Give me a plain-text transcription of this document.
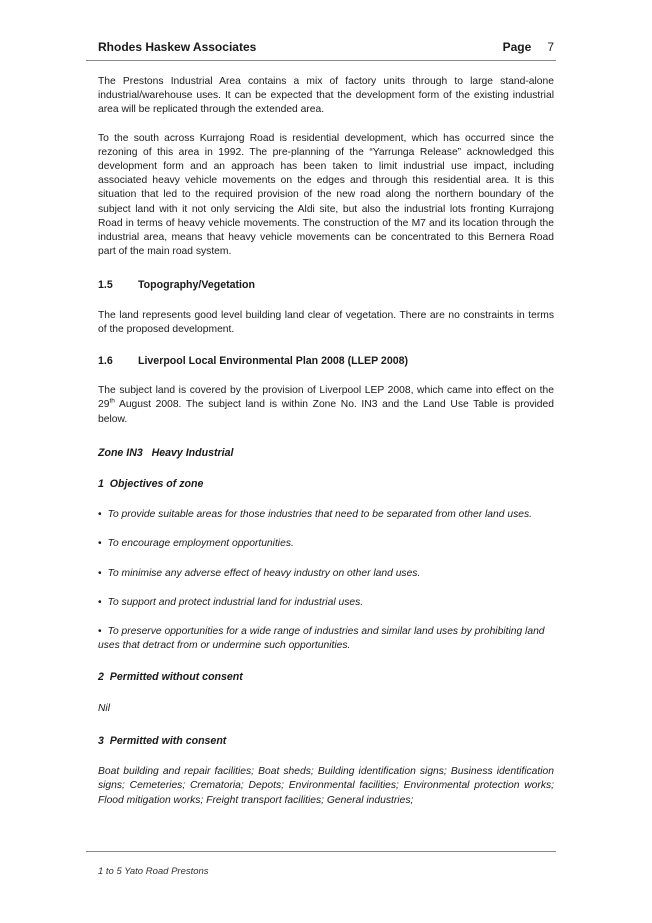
Rhodes Haskew Associates	Page 7

The Prestons Industrial Area contains a mix of factory units through to large stand-alone industrial/warehouse uses. It can be expected that the development form of the existing industrial area will be replicated through the extended area.

To the south across Kurrajong Road is residential development, which has occurred since the rezoning of this area in 1992. The pre-planning of the “Yarrunga Release” acknowledged this development form and an approach has been taken to limit industrial use impact, including associated heavy vehicle movements on the edges and through this residential area. It is this situation that led to the required provision of the new road along the northern boundary of the subject land with it not only servicing the Aldi site, but also the industrial lots fronting Kurrajong Road in terms of heavy vehicle movements. The construction of the M7 and its location through the industrial area, means that heavy vehicle movements can be concentrated to this Bernera Road part of the main road system.

1.5	Topography/Vegetation

The land represents good level building land clear of vegetation. There are no constraints in terms of the proposed development.

1.6	Liverpool Local Environmental Plan 2008 (LLEP 2008)

The subject land is covered by the provision of Liverpool LEP 2008, which came into effect on the 29th August 2008. The subject land is within Zone No. IN3 and the Land Use Table is provided below.

Zone IN3   Heavy Industrial

1  Objectives of zone

• To provide suitable areas for those industries that need to be separated from other land uses.

• To encourage employment opportunities.

• To minimise any adverse effect of heavy industry on other land uses.

• To support and protect industrial land for industrial uses.

• To preserve opportunities for a wide range of industries and similar land uses by prohibiting land uses that detract from or undermine such opportunities.

2  Permitted without consent

Nil

3  Permitted with consent

Boat building and repair facilities; Boat sheds; Building identification signs; Business identification signs; Cemeteries; Crematoria; Depots; Environmental facilities; Environmental protection works; Flood mitigation works; Freight transport facilities; General industries;

1 to 5 Yato Road Prestons
